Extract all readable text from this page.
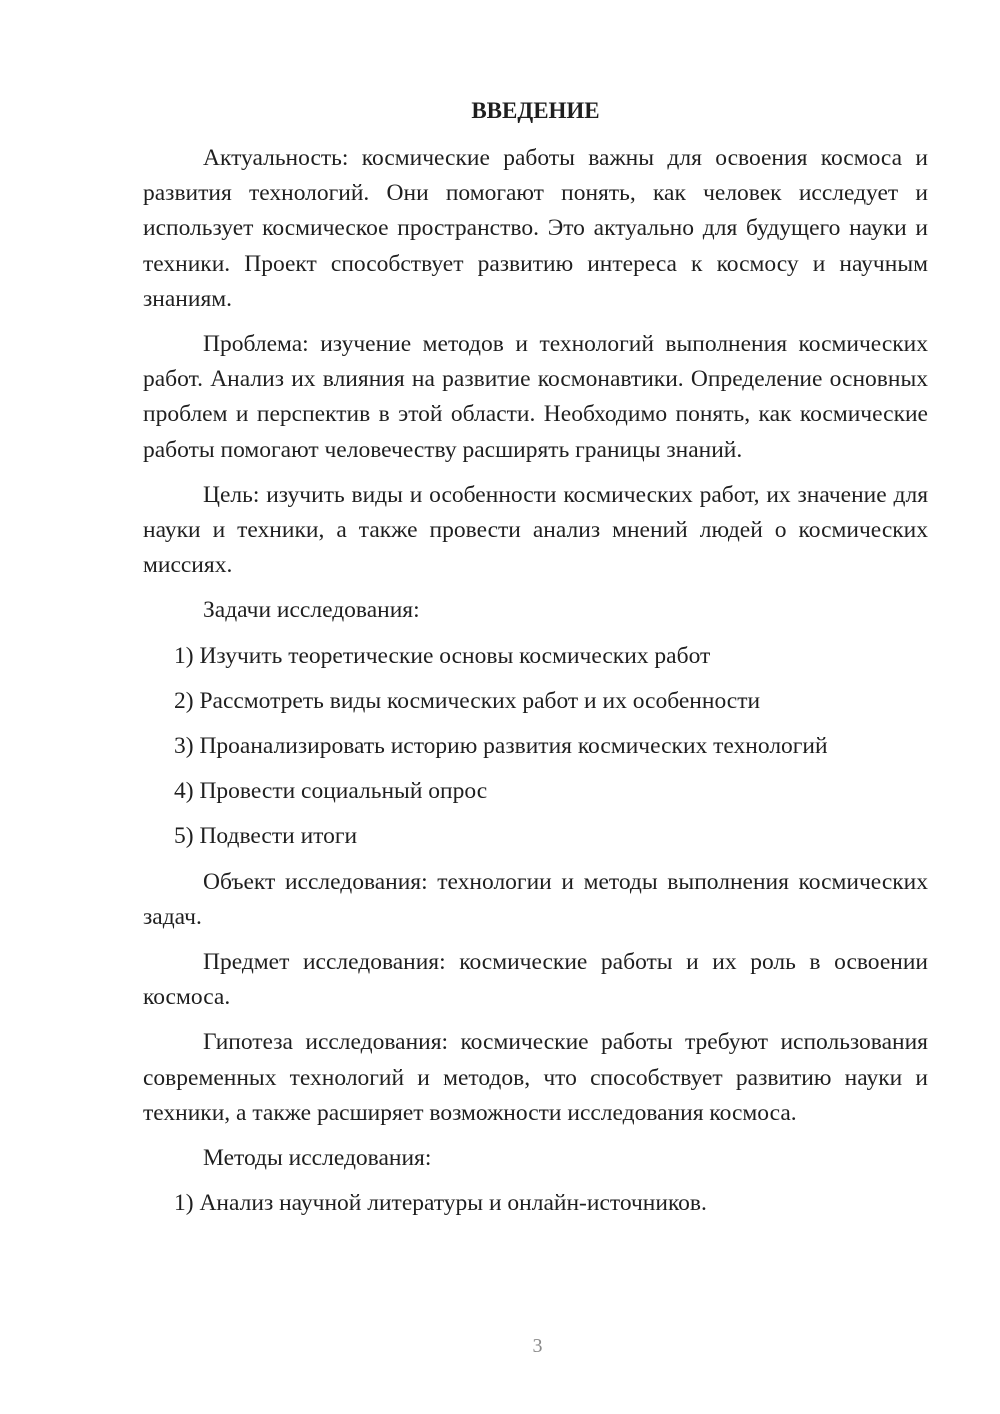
ВВЕДЕНИЕ

Актуальность: космические работы важны для освоения космоса и развития технологий. Они помогают понять, как человек исследует и использует космическое пространство. Это актуально для будущего науки и техники. Проект способствует развитию интереса к космосу и научным знаниям.

Проблема: изучение методов и технологий выполнения космических работ. Анализ их влияния на развитие космонавтики. Определение основных проблем и перспектив в этой области. Необходимо понять, как космические работы помогают человечеству расширять границы знаний.

Цель: изучить виды и особенности космических работ, их значение для науки и техники, а также провести анализ мнений людей о космических миссиях.

Задачи исследования:

1) Изучить теоретические основы космических работ

2) Рассмотреть виды космических работ и их особенности

3) Проанализировать историю развития космических технологий

4) Провести социальный опрос

5) Подвести итоги

Объект исследования: технологии и методы выполнения космических задач.

Предмет исследования: космические работы и их роль в освоении космоса.

Гипотеза исследования: космические работы требуют использования современных технологий и методов, что способствует развитию науки и техники, а также расширяет возможности исследования космоса.

Методы исследования:

1) Анализ научной литературы и онлайн-источников.

3
